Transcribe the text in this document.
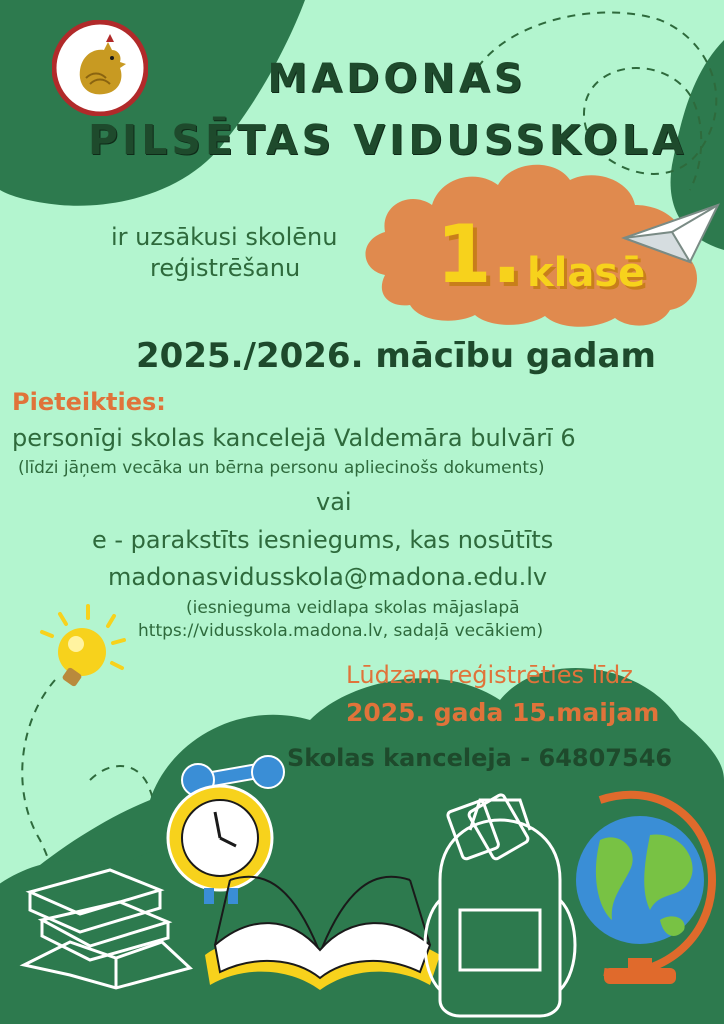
MADONAS
PILSĒTAS VIDUSSKOLA
ir uzsākusi skolēnu
reģistrēšanu 1. klasē
2025./2026. mācību gadam
Pieteikties:
personīgi skolas kancelejā Valdemāra bulvārī 6
(līdzi jāņem vecāka un bērna personu apliecinošs dokuments)
vai
e - parakstīts iesniegums, kas nosūtīts
madonasvidusskola@madona.edu.lv
(iesnieguma veidlapa skolas mājaslapā
https://vidusskola.madona.lv, sadaļā vecākiem)
Lūdzam reģistrēties līdz
2025. gada 15.maijam
Skolas kanceleja - 64807546
